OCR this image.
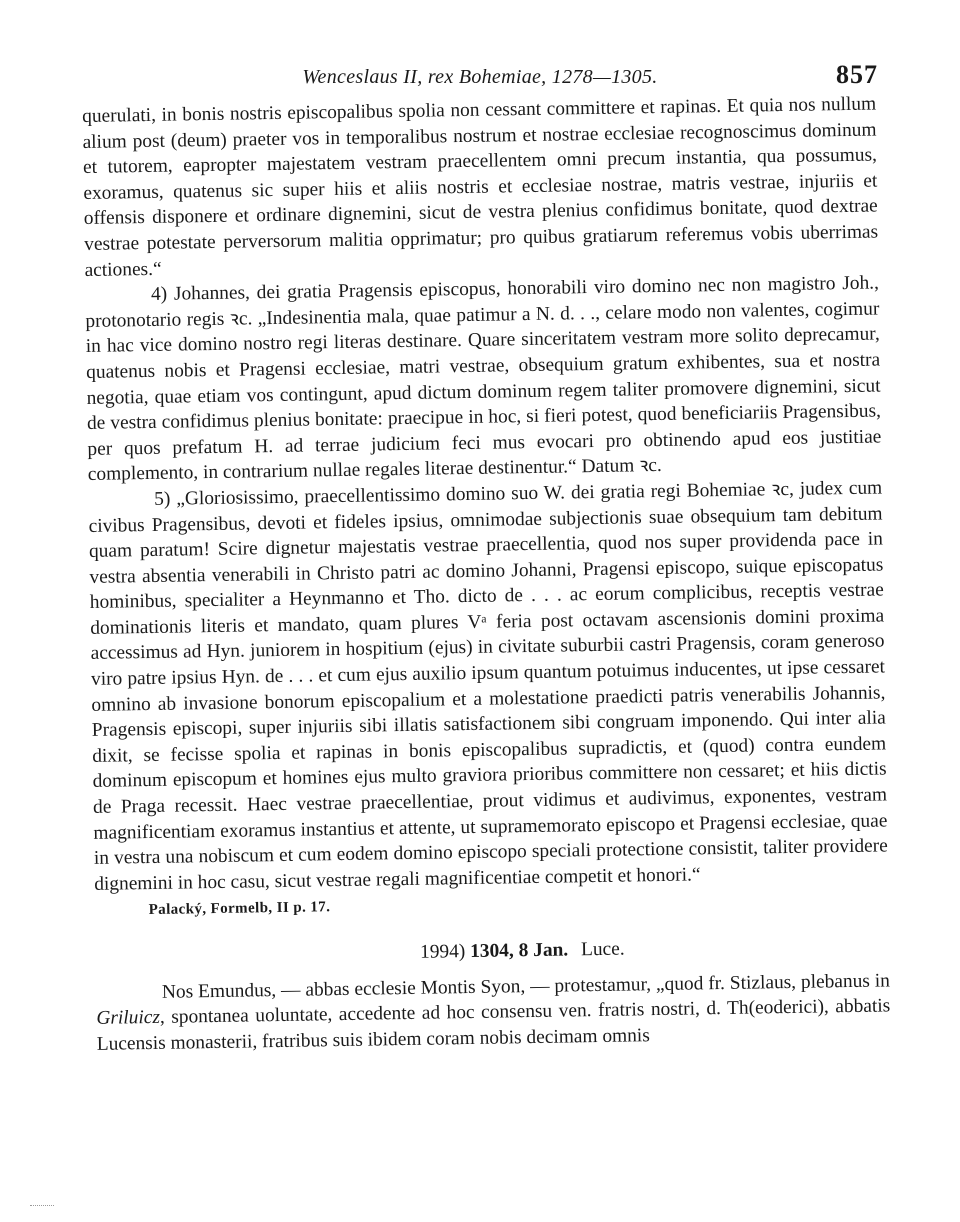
Wenceslaus II, rex Bohemiae, 1278—1305.	857

querulati, in bonis nostris episcopalibus spolia non cessant committere et rapinas. Et quia nos nullum alium post (deum) praeter vos in temporalibus nostrum et nostrae ecclesiae recognoscimus dominum et tutorem, eapropter majestatem vestram praecellentem omni precum instantia, qua possumus, exoramus, quatenus sic super hiis et aliis nostris et ecclesiae nostrae, matris vestrae, injuriis et offensis disponere et ordinare dignemini, sicut de vestra plenius confidimus bonitate, quod dextrae vestrae potestate perversorum malitia opprimatur; pro quibus gratiarum referemus vobis uberrimas actiones.“

4) Johannes, dei gratia Pragensis episcopus, honorabili viro domino nec non magistro Joh., protonotario regis ꝛc. „Indesinentia mala, quae patimur a N. d. . ., celare modo non valentes, cogimur in hac vice domino nostro regi literas destinare. Quare sinceritatem vestram more solito deprecamur, quatenus nobis et Pragensi ecclesiae, matri vestrae, obsequium gratum exhibentes, sua et nostra negotia, quae etiam vos contingunt, apud dictum dominum regem taliter promovere dignemini, sicut de vestra confidimus plenius bonitate: praecipue in hoc, si fieri potest, quod beneficiariis Pragensibus, per quos prefatum H. ad terrae judicium feci mus evocari pro obtinendo apud eos justitiae complemento, in contrarium nullae regales literae destinentur.“ Datum ꝛc.

5) „Gloriosissimo, praecellentissimo domino suo W. dei gratia regi Bohemiae ꝛc, judex cum civibus Pragensibus, devoti et fideles ipsius, omnimodae subjectionis suae obsequium tam debitum quam paratum! Scire dignetur majestatis vestrae praecellentia, quod nos super providenda pace in vestra absentia venerabili in Christo patri ac domino Johanni, Pragensi episcopo, suique episcopatus hominibus, specialiter a Heynmanno et Tho. dicto de . . . ac eorum complicibus, receptis vestrae dominationis literis et mandato, quam plures Vᵃ feria post octavam ascensionis domini proxima accessimus ad Hyn. juniorem in hospitium (ejus) in civitate suburbii castri Pragensis, coram generoso viro patre ipsius Hyn. de . . . et cum ejus auxilio ipsum quantum potuimus inducentes, ut ipse cessaret omnino ab invasione bonorum episcopalium et a molestatione praedicti patris venerabilis Johannis, Pragensis episcopi, super injuriis sibi illatis satisfactionem sibi congruam imponendo. Qui inter alia dixit, se fecisse spolia et rapinas in bonis episcopalibus supradictis, et (quod) contra eundem dominum episcopum et homines ejus multo graviora prioribus committere non cessaret; et hiis dictis de Praga recessit. Haec vestrae praecellentiae, prout vidimus et audivimus, exponentes, vestram magnificentiam exoramus instantius et attente, ut supramemorato episcopo et Pragensi ecclesiae, quae in vestra una nobiscum et cum eodem domino episcopo speciali protectione consistit, taliter providere dignemini in hoc casu, sicut vestrae regali magnificentiae competit et honori.“

Palacký, Formelb, II p. 17.

1994) 1304, 8 Jan. Luce.

Nos Emundus, — abbas ecclesie Montis Syon, — protestamur, „quod fr. Stizlaus, plebanus in Griluicz, spontanea uoluntate, accedente ad hoc consensu ven. fratris nostri, d. Th(eoderici), abbatis Lucensis monasterii, fratribus suis ibidem coram nobis decimam omnis
